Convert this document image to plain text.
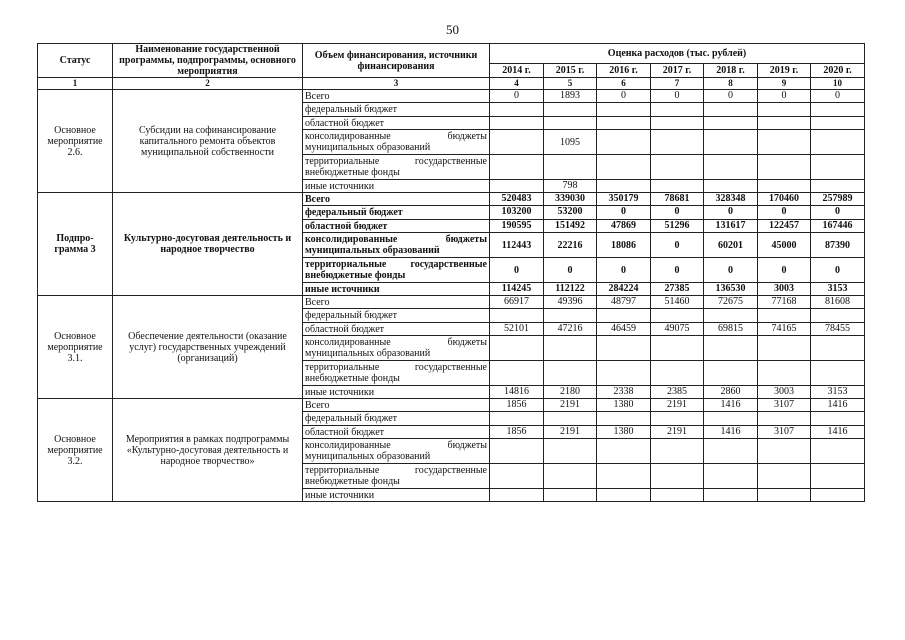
50
Статус	Наименование государственной программы, подпрограммы, основного мероприятия	Объем финансирования, источники финансирования	Оценка расходов (тыс. рублей)						
			2014 г.	2015 г.	2016 г.	2017 г.	2018 г.	2019 г.	2020 г.
1	2	3	4	5	6	7	8	9	10
Основное мероприятие 2.6.	Субсидии на софинансирование капитального ремонта объектов муниципальной собственности	Всего	0	1893	0	0	0	0	0
		федеральный бюджет							
		областной бюджет							

		консолидированные бюджеты
муниципальных образований		1095					

		территориальные государственные
внебюджетные фонды							

		иные источники		798					
Подпро-грамма 3	Культурно-досуговая деятельность и народное творчество	Всего	520483	339030	350179	78681	328348	170460	257989
		федеральный бюджет	103200	53200	0	0	0	0	0
		областной бюджет	190595	151492	47869	51296	131617	122457	167446

		консолидированные бюджеты
муниципальных образований	112443	22216	18086	0	60201	45000	87390

		территориальные государственные
внебюджетные фонды	0	0	0	0	0	0	0
		иные источники	114245	112122	284224	27385	136530	3003	3153
Основное мероприятие 3.1.	Обеспечение деятельности (оказание услуг) государственных учреждений (организаций)	Всего	66917	49396	48797	51460	72675	77168	81608
		федеральный бюджет							
		областной бюджет	52101	47216	46459	49075	69815	74165	78455

		консолидированные бюджеты
муниципальных образований							

		территориальные государственные
внебюджетные фонды							

		иные источники	14816	2180	2338	2385	2860	3003	3153
Основное мероприятие 3.2.	Мероприятия в рамках подпрограммы «Культурно-досуговая деятельность и народное творчество»	Всего	1856	2191	1380	2191	1416	3107	1416
		федеральный бюджет							
		областной бюджет	1856	2191	1380	2191	1416	3107	1416

		консолидированные бюджеты
муниципальных образований							

		территориальные государственные
внебюджетные фонды							

		иные источники							
